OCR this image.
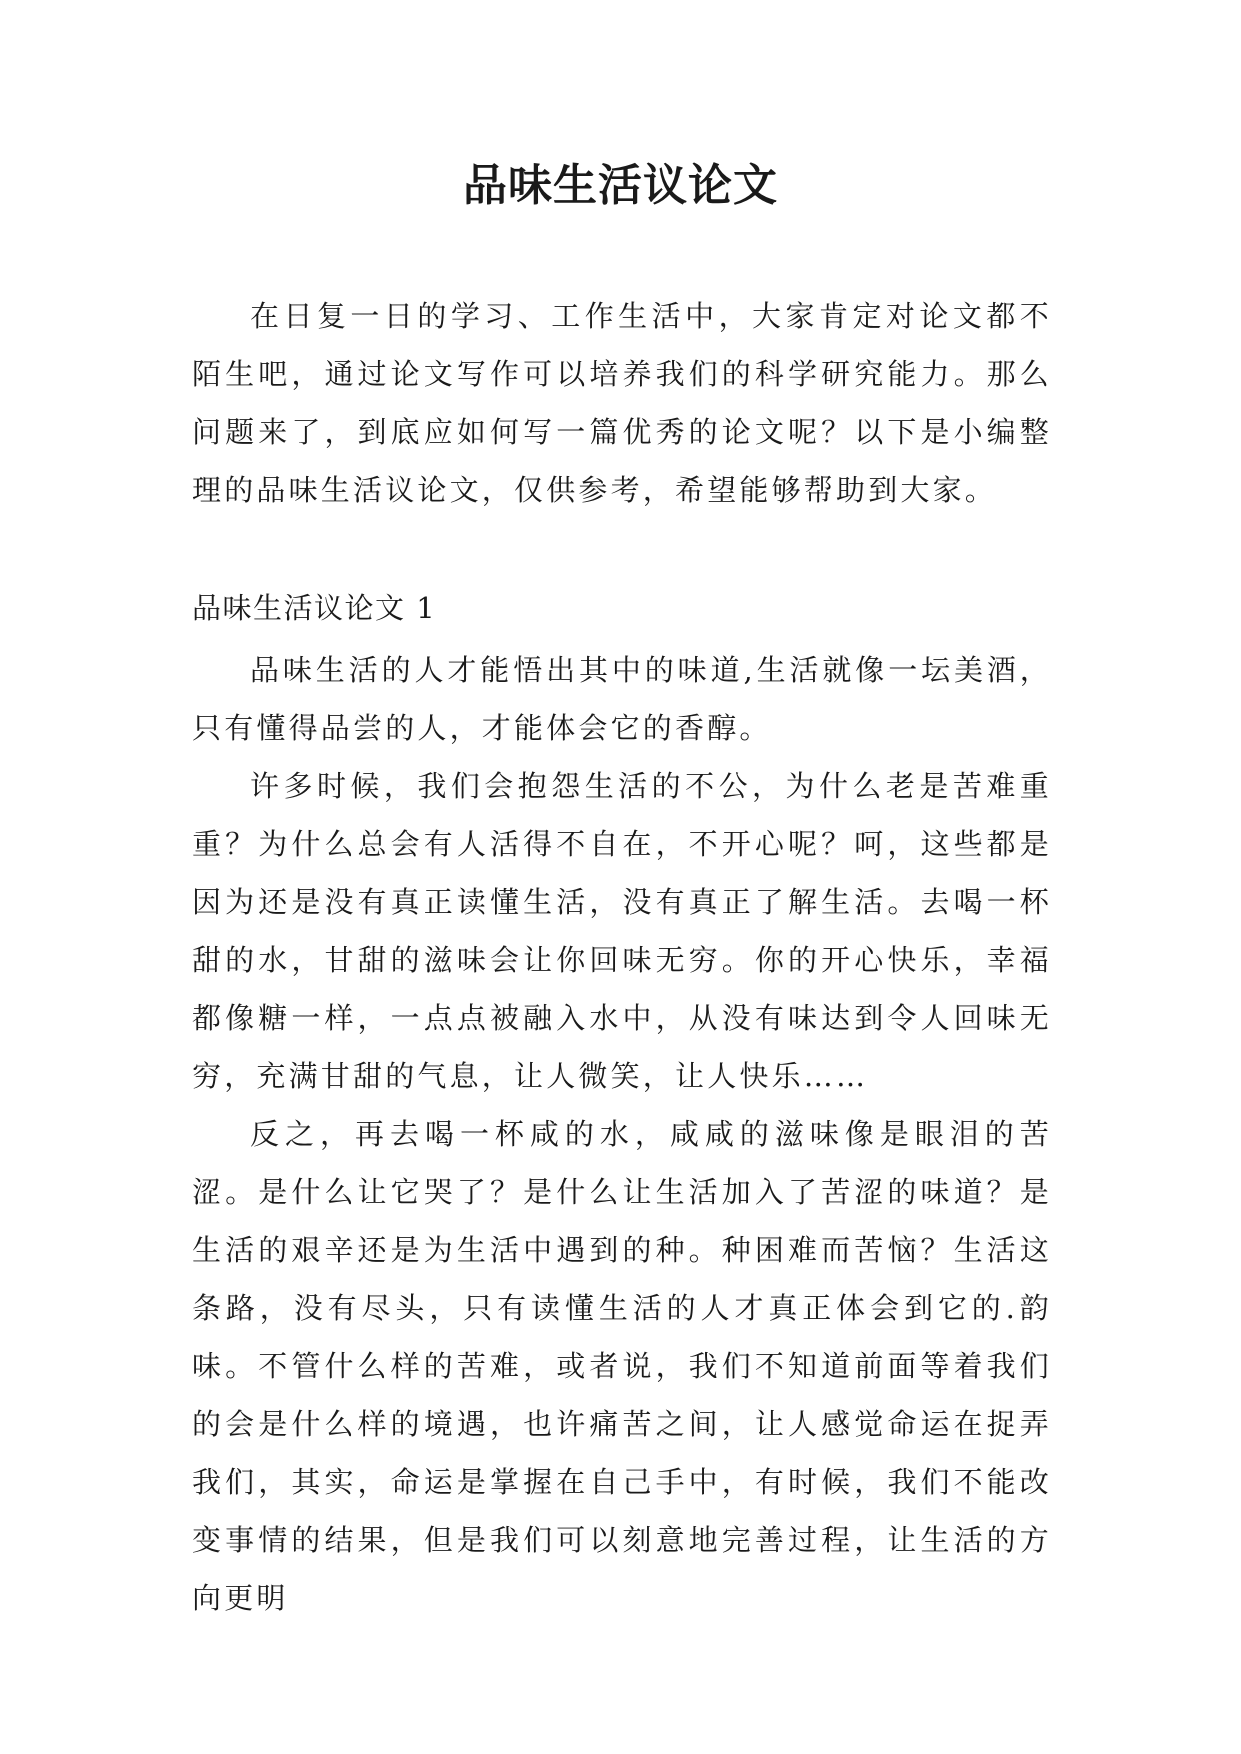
品味生活议论文

在日复一日的学习、工作生活中，大家肯定对论文都不陌生吧，通过论文写作可以培养我们的科学研究能力。那么问题来了，到底应如何写一篇优秀的论文呢？以下是小编整理的品味生活议论文，仅供参考，希望能够帮助到大家。

品味生活议论文 1

品味生活的人才能悟出其中的味道,生活就像一坛美酒，只有懂得品尝的人，才能体会它的香醇。

许多时候，我们会抱怨生活的不公，为什么老是苦难重重？为什么总会有人活得不自在，不开心呢？呵，这些都是因为还是没有真正读懂生活，没有真正了解生活。去喝一杯甜的水，甘甜的滋味会让你回味无穷。你的开心快乐，幸福都像糖一样，一点点被融入水中，从没有味达到令人回味无穷，充满甘甜的气息，让人微笑，让人快乐……

反之，再去喝一杯咸的水，咸咸的滋味像是眼泪的苦涩。是什么让它哭了？是什么让生活加入了苦涩的味道？是生活的艰辛还是为生活中遇到的种。种困难而苦恼？生活这条路，没有尽头，只有读懂生活的人才真正体会到它的.韵味。不管什么样的苦难，或者说，我们不知道前面等着我们的会是什么样的境遇，也许痛苦之间，让人感觉命运在捉弄我们，其实，命运是掌握在自己手中，有时候，我们不能改变事情的结果，但是我们可以刻意地完善过程，让生活的方向更明
